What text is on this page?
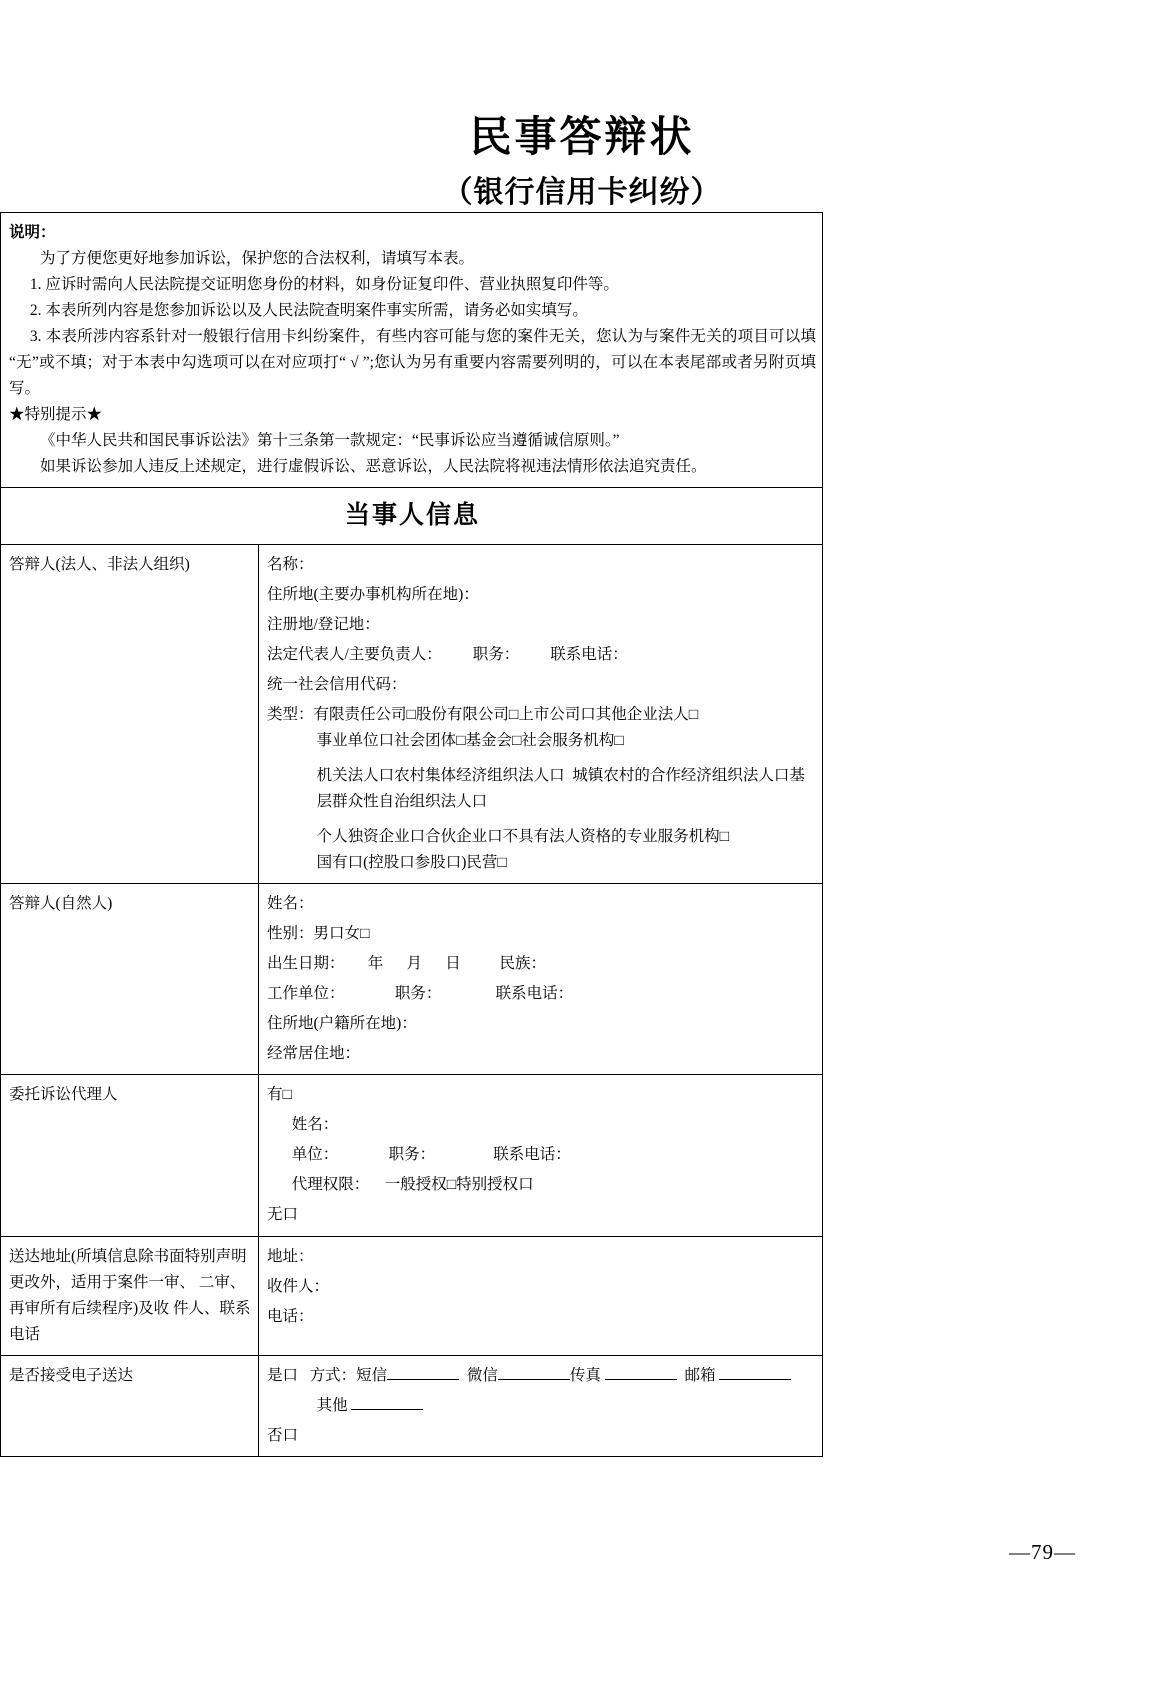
民事答辩状
（银行信用卡纠纷）

说明：

为了方便您更好地参加诉讼，保护您的合法权利，请填写本表。

1. 应诉时需向人民法院提交证明您身份的材料，如身份证复印件、营业执照复印件等。

2. 本表所列内容是您参加诉讼以及人民法院查明案件事实所需，请务必如实填写。

3. 本表所涉内容系针对一般银行信用卡纠纷案件，有些内容可能与您的案件无关，您认为与案件无关的项目可以填“无”或不填；对于本表中勾选项可以在对应项打“ √ ”;您认为另有重要内容需要列明的，可以在本表尾部或者另附页填写。

★特别提示★

《中华人民共和国民事诉讼法》第十三条第一款规定：“民事诉讼应当遵循诚信原则。”

如果诉讼参加人违反上述规定，进行虚假诉讼、恶意诉讼，人民法院将视违法情形依法追究责任。

当事人信息	
答辩人(法人、非法人组织)	名称：

住所地(主要办事机构所在地)：

注册地/登记地：

法定代表人/主要负责人：        职务：        联系电话：

统一社会信用代码：

类型：有限责任公司□股份有限公司□上市公司口其他企业法人□

事业单位口社会团体□基金会□社会服务机构□

机关法人口农村集体经济组织法人口  城镇农村的合作经济组织法人口基层群众性自治组织法人口

个人独资企业口合伙企业口不具有法人资格的专业服务机构□

国有口(控股口参股口)民营□

答辩人(自然人)	姓名：

性别：男口女□

出生日期：      年      月      日          民族：

工作单位：             职务：              联系电话：

住所地(户籍所在地)：

经常居住地：

委托诉讼代理人	有□

姓名：

单位：             职务：               联系电话：

代理权限：    一般授权□特别授权口

无口

送达地址(所填信息除书面特别声明更改外，适用于案件一审、 二审、再审所有后续程序)及收 件人、联系电话	地址：

收件人：

电话：

是否接受电子送达	是口   方式：短信 微信 传真 邮箱

其他

否口

—79—
